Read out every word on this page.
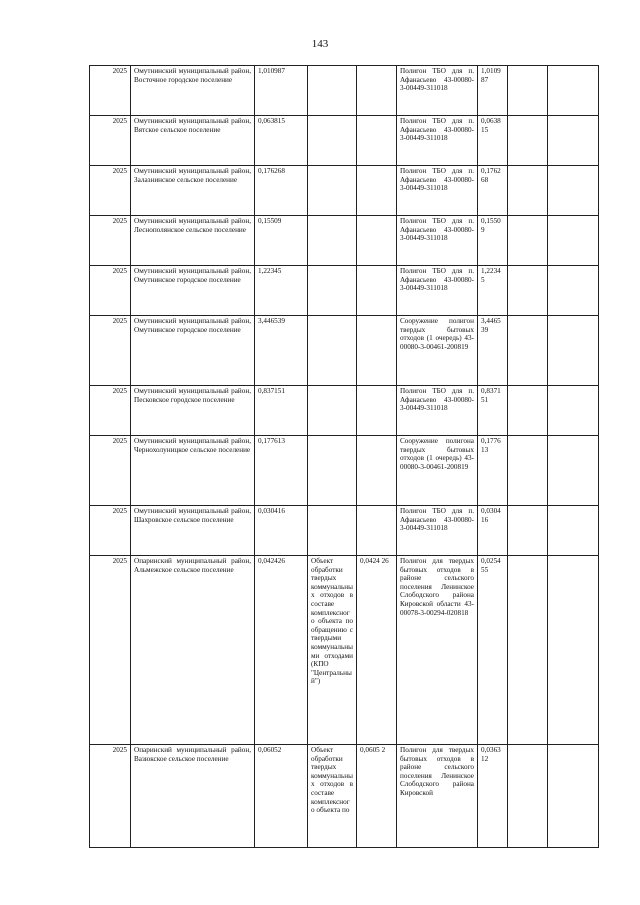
143
2025	Омутнинский муниципальный район, Восточное городское поселение	1,010987			Полигон ТБО для п. Афанасьево 43-00080-3-00449-311018	1,0109 87		
2025	Омутнинский муниципальный район, Вятское сельское поселение	0,063815			Полигон ТБО для п. Афанасьево 43-00080-3-00449-311018	0,0638 15		
2025	Омутнинский муниципальный район, Залазнинское сельское поселение	0,176268			Полигон ТБО для п. Афанасьево 43-00080-3-00449-311018	0,1762 68		
2025	Омутнинский муниципальный район, Леснополянское сельское поселение	0,15509			Полигон ТБО для п. Афанасьево 43-00080-3-00449-311018	0,1550 9		
2025	Омутнинский муниципальный район, Омутнинское городское поселение	1,22345			Полигон ТБО для п. Афанасьево 43-00080-3-00449-311018	1,2234 5		
2025	Омутнинский муниципальный район, Омутнинское городское поселение	3,446539			Сооружение полигон твердых бытовых отходов (1 очередь) 43-00080-3-00461-200819	3,4465 39		
2025	Омутнинский муниципальный район, Песковское городское поселение	0,837151			Полигон ТБО для п. Афанасьево 43-00080-3-00449-311018	0,8371 51		
2025	Омутнинский муниципальный район, Чернохолуницкое сельское поселение	0,177613			Сооружение полигона твердых бытовых отходов (1 очередь) 43-00080-3-00461-200819	0,1776 13		
2025	Омутнинский муниципальный район, Шахровское сельское поселение	0,030416			Полигон ТБО для п. Афанасьево 43-00080-3-00449-311018	0,0304 16		
2025	Опаринский муниципальный район, Альмежское сельское поселение	0,042426	Объект обработки твердых коммунальных отходов в составе комплексного объекта по обращению с твердыми коммунальными отходами (КПО "Центральный")	0,0424 26	Полигон для твердых бытовых отходов в районе сельского поселения Ленинское Слободского района Кировской области 43-00078-3-00294-020818	0,0254 55		
2025	Опаринский муниципальный район, Вазюкское сельское поселение	0,06052	Объект обработки твердых коммунальных отходов в составе комплексного объекта по	0,0605 2	Полигон для твердых бытовых отходов в районе сельского поселения Ленинское Слободского района Кировской	0,0363 12		
